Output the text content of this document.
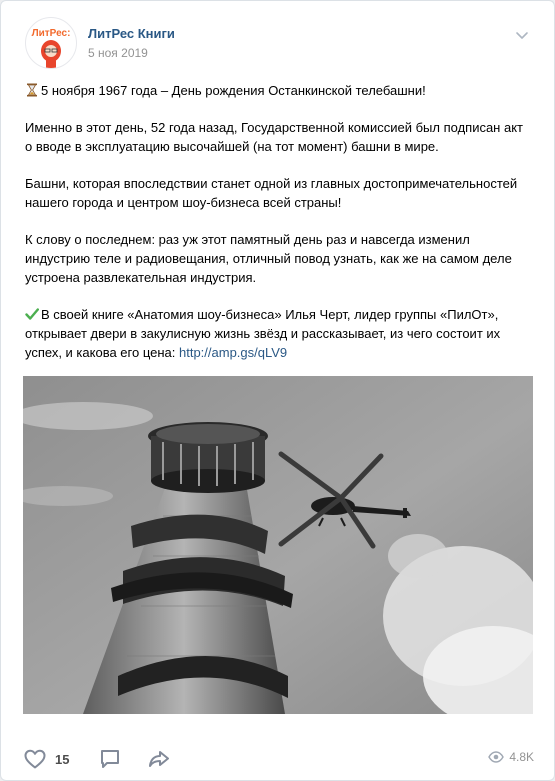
ЛитРес:	ЛитРес Книги
5 ноя 2019

5 ноября 1967 года – День рождения Останкинской телебашни!

Именно в этот день, 52 года назад, Государственной комиссией был подписан акт
о вводе в эксплуатацию высочайшей (на тот момент) башни в мире.

Башни, которая впоследствии станет одной из главных достопримечательностей
нашего города и центром шоу-бизнеса всей страны!

К слову о последнем: раз уж этот памятный день раз и навсегда изменил
индустрию теле и радиовещания, отличный повод узнать, как же на самом деле
устроена развлекательная индустрия.

В своей книге «Анатомия шоу-бизнеса» Илья Черт, лидер группы «ПилОт»,
открывает двери в закулисную жизнь звёзд и рассказывает, из чего состоит их
успех, и какова его цена: http://amp.gs/qLV9

15	4.8K
